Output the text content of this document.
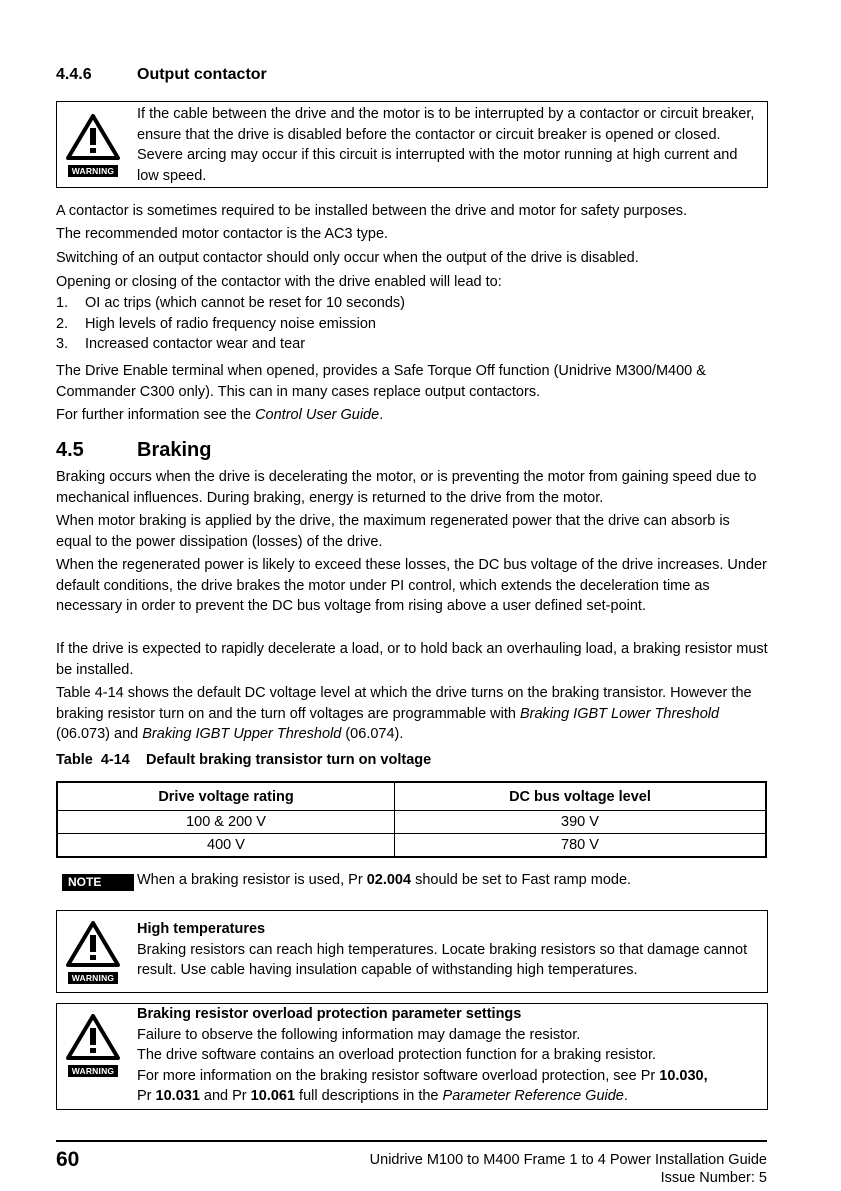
4.4.6	Output contactor
WARNING
If the cable between the drive and the motor is to be interrupted by a contactor or circuit breaker, ensure that the drive is disabled before the contactor or circuit breaker is opened or closed. Severe arcing may occur if this circuit is interrupted with the motor running at high current and low speed.
A contactor is sometimes required to be installed between the drive and motor for safety purposes.
The recommended motor contactor is the AC3 type.
Switching of an output contactor should only occur when the output of the drive is disabled.
Opening or closing of the contactor with the drive enabled will lead to:
1. OI ac trips (which cannot be reset for 10 seconds)
2. High levels of radio frequency noise emission
3. Increased contactor wear and tear
The Drive Enable terminal when opened, provides a Safe Torque Off function (Unidrive M300/M400 & Commander C300 only). This can in many cases replace output contactors.
For further information see the Control User Guide.
4.5	Braking
Braking occurs when the drive is decelerating the motor, or is preventing the motor from gaining speed due to mechanical influences. During braking, energy is returned to the drive from the motor.
When motor braking is applied by the drive, the maximum regenerated power that the drive can absorb is equal to the power dissipation (losses) of the drive.
When the regenerated power is likely to exceed these losses, the DC bus voltage of the drive increases. Under default conditions, the drive brakes the motor under PI control, which extends the deceleration time as necessary in order to prevent the DC bus voltage from rising above a user defined set-point.
If the drive is expected to rapidly decelerate a load, or to hold back an overhauling load, a braking resistor must be installed.
Table 4-14 shows the default DC voltage level at which the drive turns on the braking transistor. However the braking resistor turn on and the turn off voltages are programmable with Braking IGBT Lower Threshold (06.073) and Braking IGBT Upper Threshold (06.074).
Table  4-14    Default braking transistor turn on voltage
Drive voltage rating	DC bus voltage level
100 & 200 V	390 V
400 V	780 V
NOTE	When a braking resistor is used, Pr 02.004 should be set to Fast ramp mode.
WARNING
High temperatures
Braking resistors can reach high temperatures. Locate braking resistors so that damage cannot result. Use cable having insulation capable of withstanding high temperatures.
WARNING
Braking resistor overload protection parameter settings
Failure to observe the following information may damage the resistor.
The drive software contains an overload protection function for a braking resistor.
For more information on the braking resistor software overload protection, see Pr 10.030,
Pr 10.031 and Pr 10.061 full descriptions in the Parameter Reference Guide.
60	Unidrive M100 to M400 Frame 1 to 4 Power Installation Guide
Issue Number: 5
